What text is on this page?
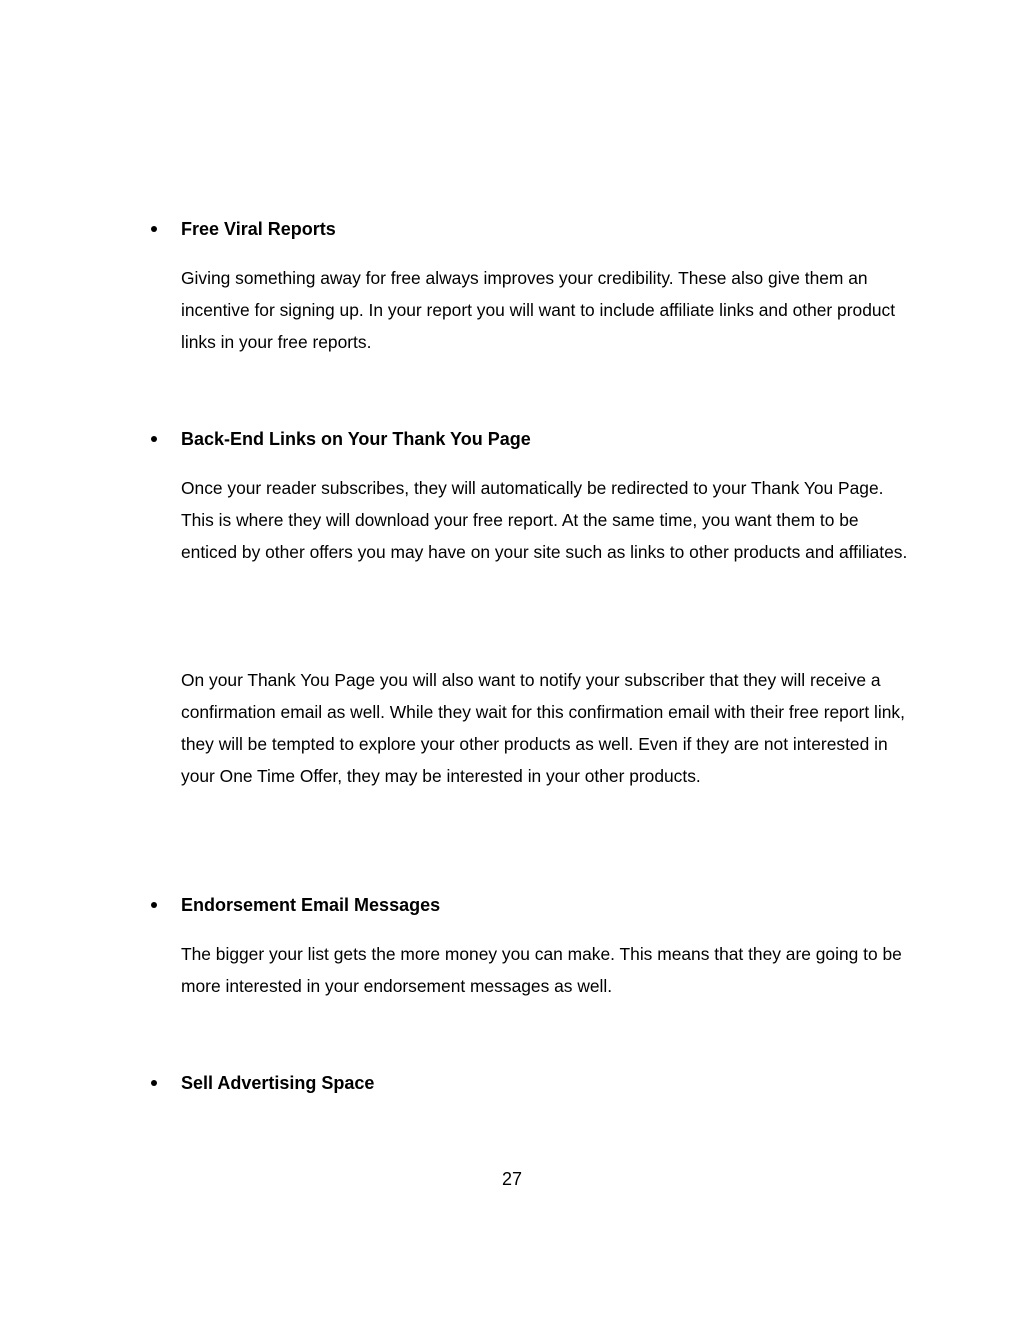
Free Viral Reports

Giving something away for free always improves your credibility. These also give them an incentive for signing up. In your report you will want to include affiliate links and other product links in your free reports.

Back-End Links on Your Thank You Page

Once your reader subscribes, they will automatically be redirected to your Thank You Page. This is where they will download your free report. At the same time, you want them to be enticed by other offers you may have on your site such as links to other products and affiliates.

On your Thank You Page you will also want to notify your subscriber that they will receive a confirmation email as well. While they wait for this confirmation email with their free report link, they will be tempted to explore your other products as well. Even if they are not interested in your One Time Offer, they may be interested in your other products.

Endorsement Email Messages

The bigger your list gets the more money you can make. This means that they are going to be more interested in your endorsement messages as well.

Sell Advertising Space
27
